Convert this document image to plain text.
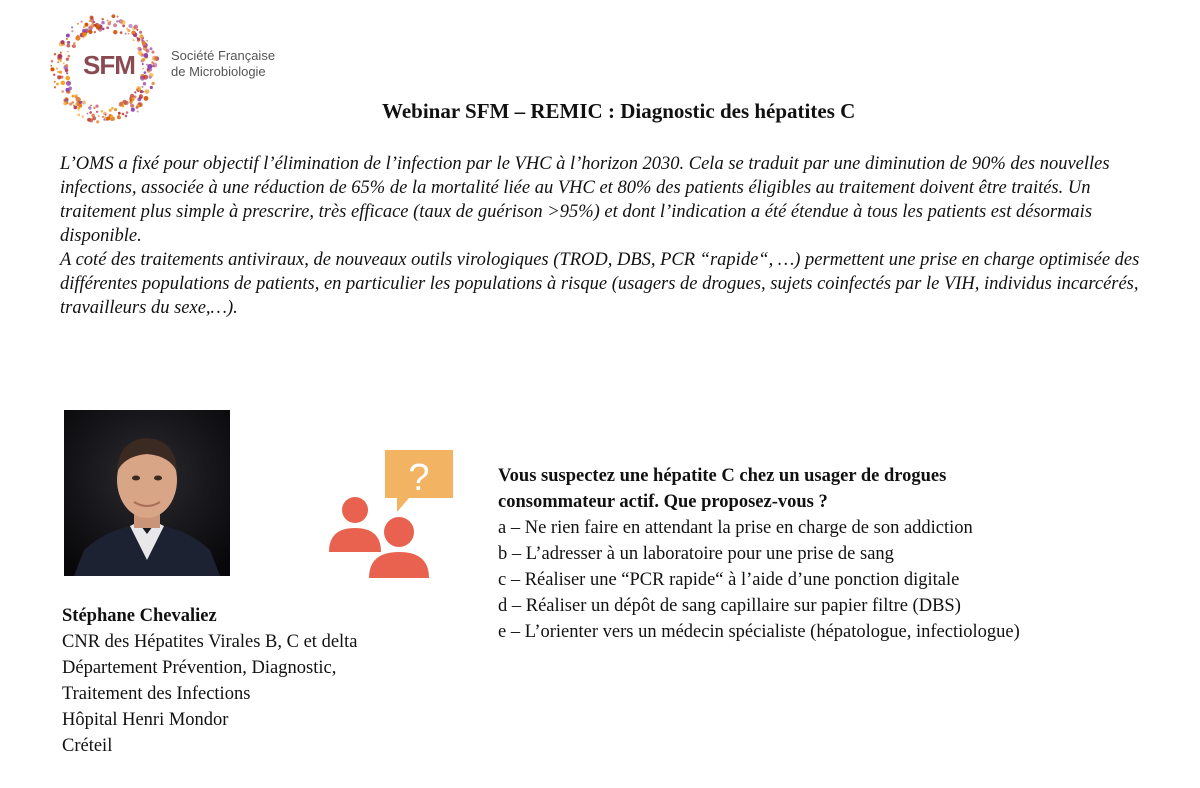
SFM	Société Française
de Microbiologie
Webinar SFM – REMIC : Diagnostic des hépatites C

L’OMS a fixé pour objectif l’élimination de l’infection par le VHC à l’horizon 2030. Cela se traduit par une diminution de 90% des nouvelles infections, associée à une réduction de 65% de la mortalité liée au VHC et 80% des patients éligibles au traitement doivent être traités. Un traitement plus simple à prescrire, très efficace (taux de guérison >95%) et dont l’indication a été étendue à tous les patients est désormais disponible.

A coté des traitements antiviraux, de nouveaux outils virologiques (TROD, DBS, PCR “rapide“, …) permettent une prise en charge optimisée des différentes populations de patients, en particulier les populations à risque (usagers de drogues, sujets coinfectés par le VIH, individus incarcérés, travailleurs du sexe,…).

?	Vous suspectez une hépatite C chez un usager de drogues
consommateur actif. Que proposez-vous ?
a – Ne rien faire en attendant la prise en charge de son addiction
b – L’adresser à un laboratoire pour une prise de sang
c – Réaliser une “PCR rapide“ à l’aide d’une ponction digitale
d – Réaliser un dépôt de sang capillaire sur papier filtre (DBS)
e – L’orienter vers un médecin spécialiste (hépatologue, infectiologue)
Stéphane Chevaliez
CNR des Hépatites Virales B, C et delta
Département Prévention, Diagnostic,
Traitement des Infections
Hôpital Henri Mondor
Créteil
